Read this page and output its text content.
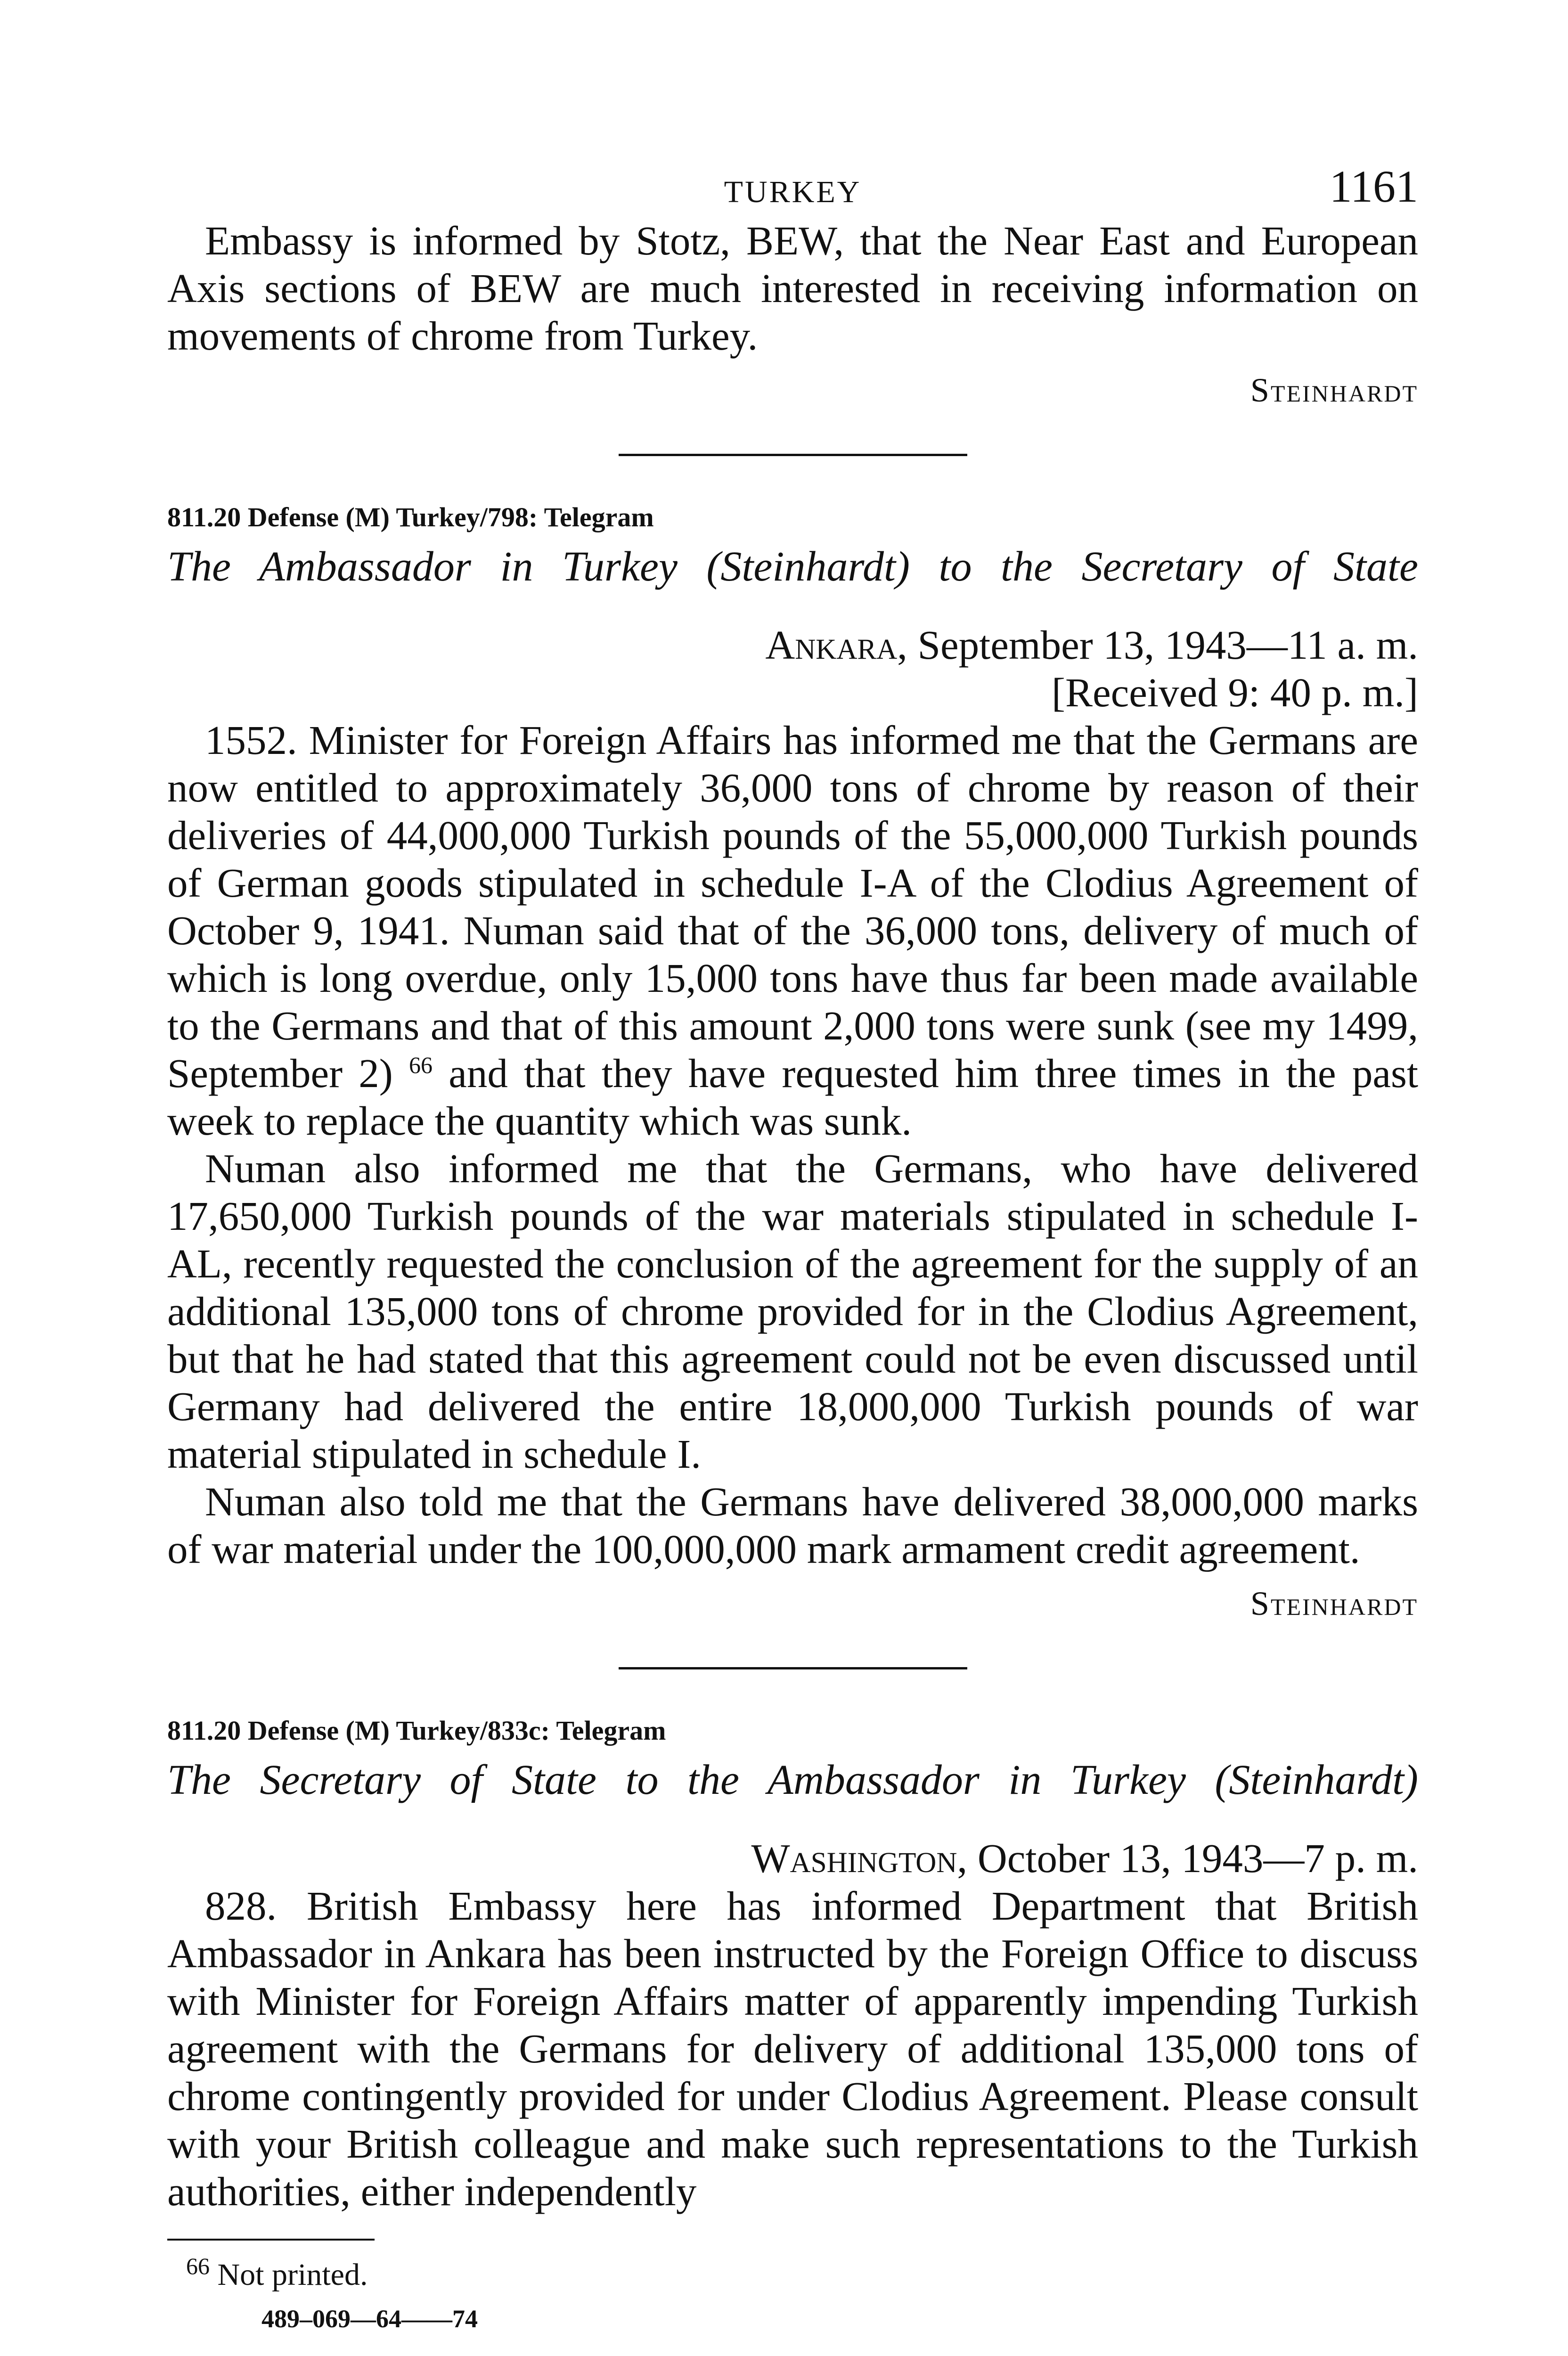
TURKEY	1161

Embassy is informed by Stotz, BEW, that the Near East and European Axis sections of BEW are much interested in receiving information on movements of chrome from Turkey.

Steinhardt
811.20 Defense (M) Turkey/798: Telegram
The Ambassador in Turkey (Steinhardt) to the Secretary of State
Ankara, September 13, 1943—11 a. m.
[Received 9: 40 p. m.]

1552. Minister for Foreign Affairs has informed me that the Germans are now entitled to approximately 36,000 tons of chrome by reason of their deliveries of 44,000,000 Turkish pounds of the 55,000,000 Turkish pounds of German goods stipulated in schedule I-A of the Clodius Agreement of October 9, 1941. Numan said that of the 36,000 tons, delivery of much of which is long overdue, only 15,000 tons have thus far been made available to the Germans and that of this amount 2,000 tons were sunk (see my 1499, September 2) $^{66}$ and that they have requested him three times in the past week to replace the quantity which was sunk.

Numan also informed me that the Germans, who have delivered 17,650,000 Turkish pounds of the war materials stipulated in schedule I-AL, recently requested the conclusion of the agreement for the supply of an additional 135,000 tons of chrome provided for in the Clodius Agreement, but that he had stated that this agreement could not be even discussed until Germany had delivered the entire 18,000,000 Turkish pounds of war material stipulated in schedule I.

Numan also told me that the Germans have delivered 38,000,000 marks of war material under the 100,000,000 mark armament credit agreement.

Steinhardt
811.20 Defense (M) Turkey/833c: Telegram
The Secretary of State to the Ambassador in Turkey (Steinhardt)
Washington, October 13, 1943—7 p. m.

828. British Embassy here has informed Department that British Ambassador in Ankara has been instructed by the Foreign Office to discuss with Minister for Foreign Affairs matter of apparently impending Turkish agreement with the Germans for delivery of additional 135,000 tons of chrome contingently provided for under Clodius Agreement. Please consult with your British colleague and make such representations to the Turkish authorities, either independently

$^{66}$ Not printed.
489–069—64——74
